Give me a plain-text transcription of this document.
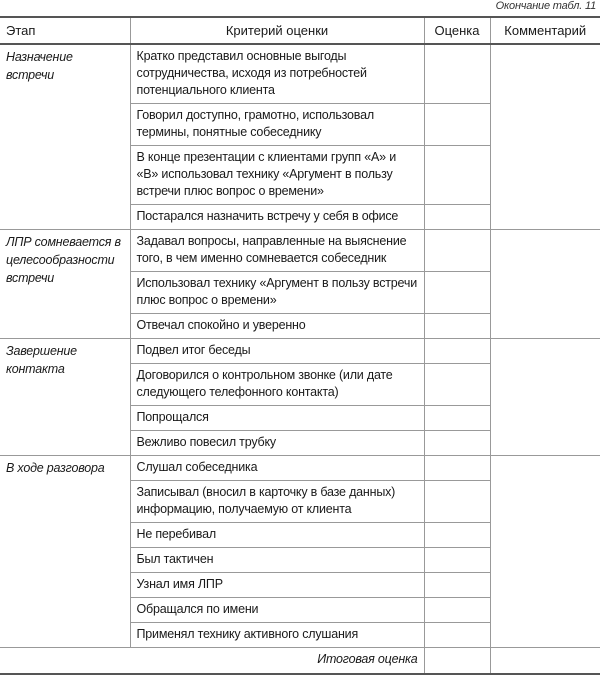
Окончание табл. 11
Этап	Критерий оценки	Оценка	Комментарий
Назначение встречи	Кратко представил основные выгоды сотрудничества, исходя из потребностей потенциального клиента		
	Говорил доступно, грамотно, использовал термины, понятные собеседнику		
	В конце презентации с клиентами групп «А» и «В» использовал технику «Аргумент в пользу встречи плюс вопрос о времени»		
	Постарался назначить встречу у себя в офисе		
ЛПР сомневается в целесообразности встречи	Задавал вопросы, направленные на выяснение того, в чем именно сомневается собеседник		
	Использовал технику «Аргумент в пользу встречи плюс вопрос о времени»		
	Отвечал спокойно и уверенно		
Завершение контакта	Подвел итог беседы		
	Договорился о контрольном звонке (или дате следующего телефонного контакта)		
	Попрощался		
	Вежливо повесил трубку		
В ходе разговора	Слушал собеседника		
	Записывал (вносил в карточку в базе данных) информацию, получаемую от клиента		
	Не перебивал		
	Был тактичен		
	Узнал имя ЛПР		
	Обращался по имени		
	Применял технику активного слушания		
Итоговая оценка			
